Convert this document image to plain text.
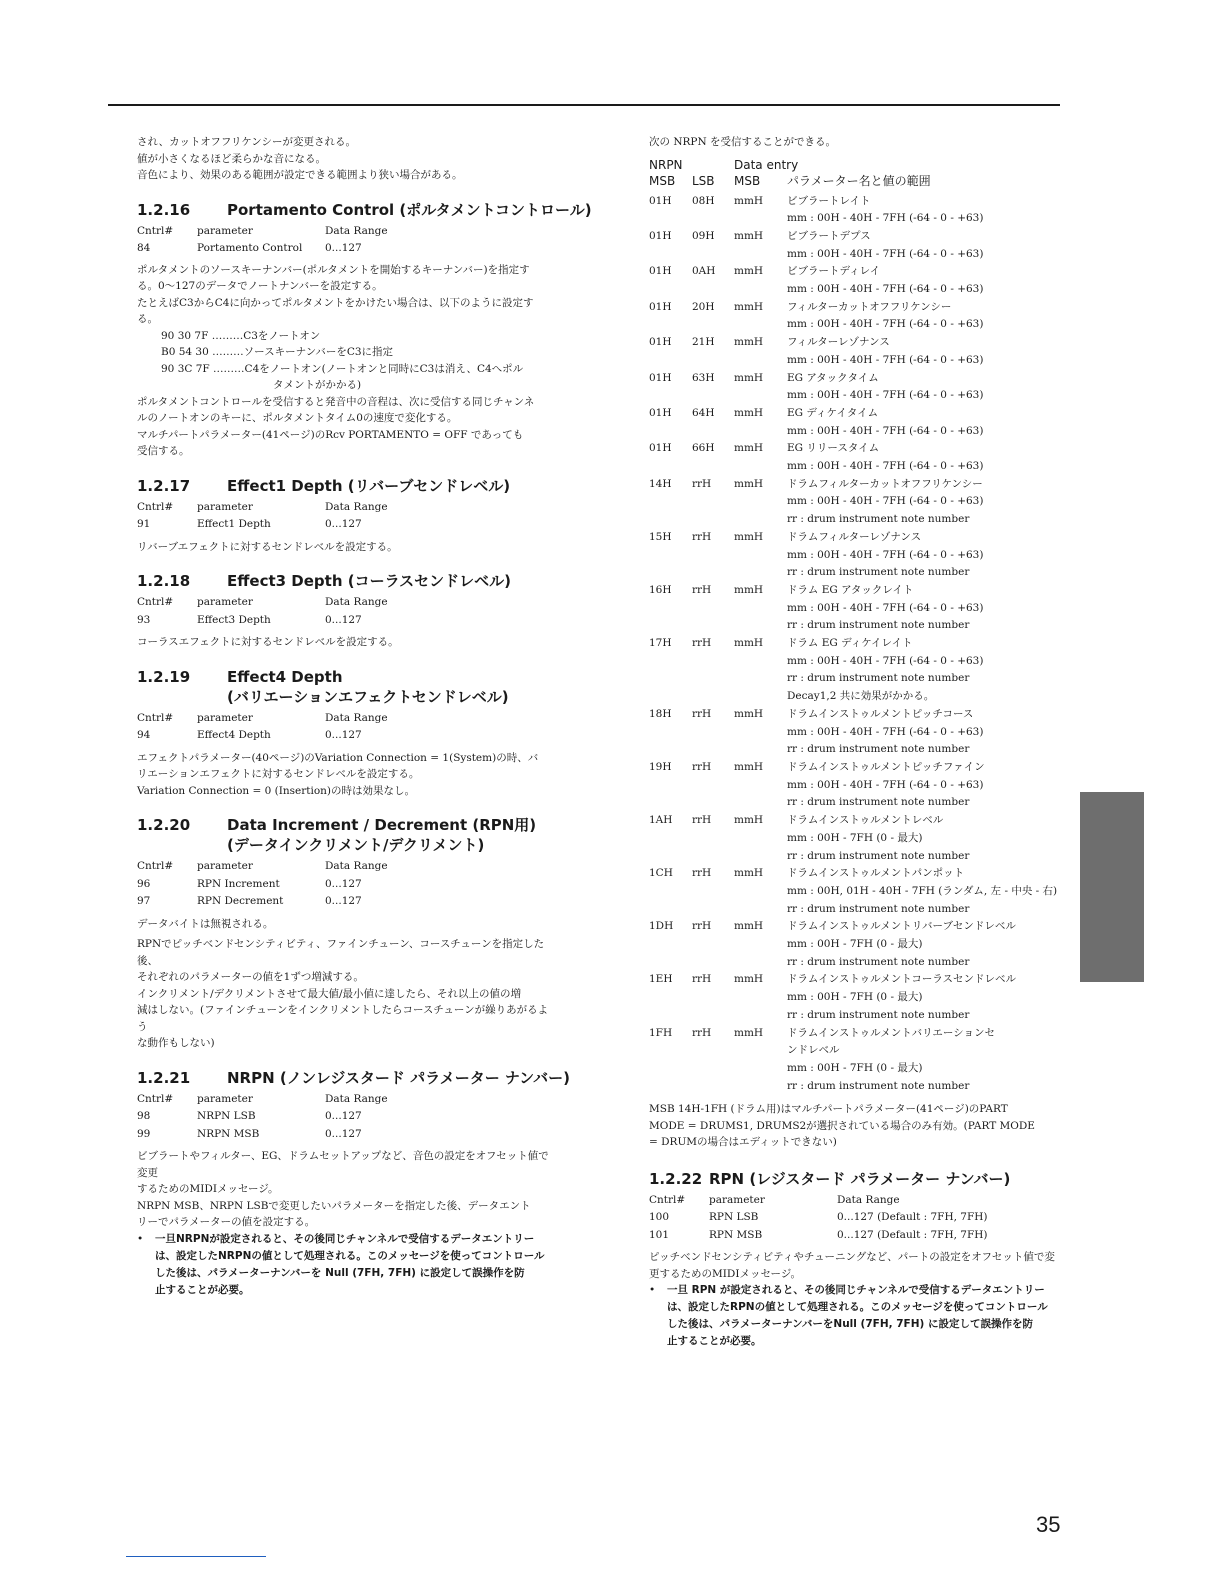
され、カットオフフリケンシーが変更される。

値が小さくなるほど柔らかな音になる。

音色により、効果のある範囲が設定できる範囲より狭い場合がある。

1.2.16 Portamento Control (ポルタメントコントロール)
Cntrl#	parameter	Data Range
84	Portamento Control	0...127

ポルタメントのソースキーナンバー(ポルタメントを開始するキーナンバー)を指定す

る。0～127のデータでノートナンバーを設定する。

たとえばC3からC4に向かってポルタメントをかけたい場合は、以下のように設定す

る。

90 30 7F ………C3をノートオン
B0 54 30 ………ソースキーナンバーをC3に指定
90 3C 7F ………C4をノートオン(ノートオンと同時にC3は消え、C4へポル
タメントがかかる)

ポルタメントコントロールを受信すると発音中の音程は、次に受信する同じチャンネ

ルのノートオンのキーに、ポルタメントタイム0の速度で変化する。

マルチパートパラメーター(41ページ)のRcv PORTAMENTO = OFF であっても

受信する。

1.2.17 Effect1 Depth (リバーブセンドレベル)
Cntrl#	parameter	Data Range
91	Effect1 Depth	0...127

リバーブエフェクトに対するセンドレベルを設定する。

1.2.18 Effect3 Depth (コーラスセンドレベル)
Cntrl#	parameter	Data Range
93	Effect3 Depth	0...127

コーラスエフェクトに対するセンドレベルを設定する。

1.2.19 Effect4 Depth
(バリエーションエフェクトセンドレベル)
Cntrl#	parameter	Data Range
94	Effect4 Depth	0...127

エフェクトパラメーター(40ページ)のVariation Connection = 1(System)の時、バ

リエーションエフェクトに対するセンドレベルを設定する。

Variation Connection = 0 (Insertion)の時は効果なし。

1.2.20 Data Increment / Decrement (RPN用)
(データインクリメント/デクリメント)
Cntrl#	parameter	Data Range
96	RPN Increment	0...127
97	RPN Decrement	0...127

データバイトは無視される。

RPNでピッチベンドセンシティビティ、ファインチューン、コースチューンを指定した後、

それぞれのパラメーターの値を1ずつ増減する。

インクリメント/デクリメントさせて最大値/最小値に達したら、それ以上の値の増

減はしない。(ファインチューンをインクリメントしたらコースチューンが繰りあがるよう

な動作もしない)

1.2.21 NRPN (ノンレジスタード パラメーター ナンバー)
Cntrl#	parameter	Data Range
98	NRPN LSB	0...127
99	NRPN MSB	0...127

ビブラートやフィルター、EG、ドラムセットアップなど、音色の設定をオフセット値で変更

するためのMIDIメッセージ。

NRPN MSB、NRPN LSBで変更したいパラメーターを指定した後、データエント

リーでパラメーターの値を設定する。

•	一旦NRPNが設定されると、その後同じチャンネルで受信するデータエントリー
は、設定したNRPNの値として処理される。このメッセージを使ってコントロール
した後は、パラメーターナンバーを Null (7FH, 7FH) に設定して誤操作を防
止することが必要。

次の NRPN を受信することができる。

NRPN	Data entry
MSB	LSB	MSB	パラメーター名と値の範囲
01H	08H	mmH	ビブラートレイト
mm : 00H - 40H - 7FH (-64 - 0 - +63)
01H	09H	mmH	ビブラートデプス
mm : 00H - 40H - 7FH (-64 - 0 - +63)
01H	0AH	mmH	ビブラートディレイ
mm : 00H - 40H - 7FH (-64 - 0 - +63)
01H	20H	mmH	フィルターカットオフフリケンシー
mm : 00H - 40H - 7FH (-64 - 0 - +63)
01H	21H	mmH	フィルターレゾナンス
mm : 00H - 40H - 7FH (-64 - 0 - +63)
01H	63H	mmH	EG アタックタイム
mm : 00H - 40H - 7FH (-64 - 0 - +63)
01H	64H	mmH	EG ディケイタイム
mm : 00H - 40H - 7FH (-64 - 0 - +63)
01H	66H	mmH	EG リリースタイム
mm : 00H - 40H - 7FH (-64 - 0 - +63)
14H	rrH	mmH	ドラムフィルターカットオフフリケンシー
mm : 00H - 40H - 7FH (-64 - 0 - +63)
rr : drum instrument note number
15H	rrH	mmH	ドラムフィルターレゾナンス
mm : 00H - 40H - 7FH (-64 - 0 - +63)
rr : drum instrument note number
16H	rrH	mmH	ドラム EG アタックレイト
mm : 00H - 40H - 7FH (-64 - 0 - +63)
rr : drum instrument note number
17H	rrH	mmH	ドラム EG ディケイレイト
mm : 00H - 40H - 7FH (-64 - 0 - +63)
rr : drum instrument note number
Decay1,2 共に効果がかかる。
18H	rrH	mmH	ドラムインストゥルメントピッチコース
mm : 00H - 40H - 7FH (-64 - 0 - +63)
rr : drum instrument note number
19H	rrH	mmH	ドラムインストゥルメントピッチファイン
mm : 00H - 40H - 7FH (-64 - 0 - +63)
rr : drum instrument note number
1AH	rrH	mmH	ドラムインストゥルメントレベル
mm : 00H - 7FH (0 - 最大)
rr : drum instrument note number
1CH	rrH	mmH	ドラムインストゥルメントパンポット
mm : 00H, 01H - 40H - 7FH (ランダム, 左 - 中央 - 右)
rr : drum instrument note number
1DH	rrH	mmH	ドラムインストゥルメントリバーブセンドレベル
mm : 00H - 7FH (0 - 最大)
rr : drum instrument note number
1EH	rrH	mmH	ドラムインストゥルメントコーラスセンドレベル
mm : 00H - 7FH (0 - 最大)
rr : drum instrument note number
1FH	rrH	mmH	ドラムインストゥルメントバリエーションセ
ンドレベル
mm : 00H - 7FH (0 - 最大)
rr : drum instrument note number

MSB 14H-1FH (ドラム用)はマルチパートパラメーター(41ページ)のPART

MODE = DRUMS1, DRUMS2が選択されている場合のみ有効。(PART MODE

= DRUMの場合はエディットできない)

1.2.22 RPN (レジスタード パラメーター ナンバー)
Cntrl#	parameter	Data Range
100	RPN LSB	0...127 (Default : 7FH, 7FH)
101	RPN MSB	0...127 (Default : 7FH, 7FH)

ピッチベンドセンシティビティやチューニングなど、パートの設定をオフセット値で変

更するためのMIDIメッセージ。

•	一旦 RPN が設定されると、その後同じチャンネルで受信するデータエントリー
は、設定したRPNの値として処理される。このメッセージを使ってコントロール
した後は、パラメーターナンバーをNull (7FH, 7FH) に設定して誤操作を防
止することが必要。
35
